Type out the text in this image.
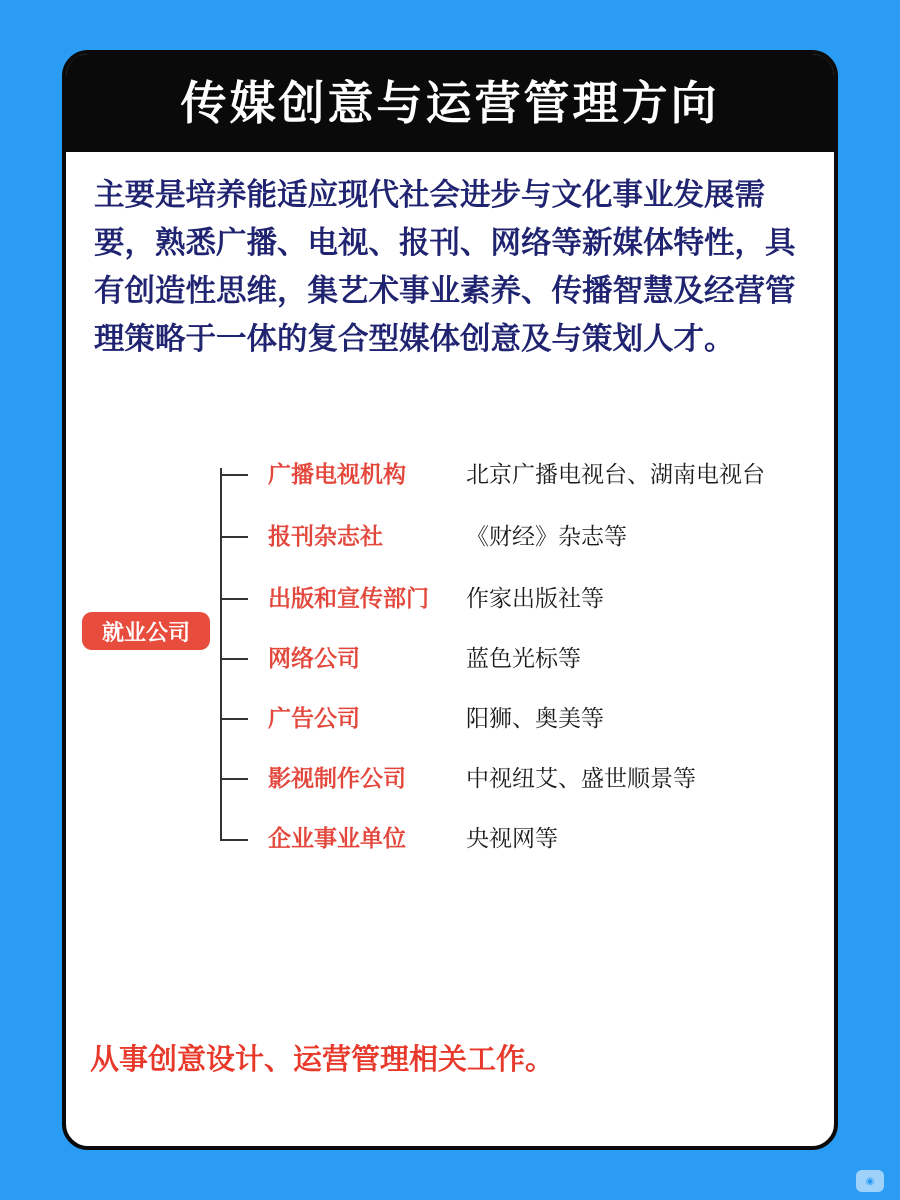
传媒创意与运营管理方向

主要是培养能适应现代社会进步与文化事业发展需要，熟悉广播、电视、报刊、网络等新媒体特性，具有创造性思维，集艺术事业素养、传播智慧及经营管理策略于一体的复合型媒体创意及与策划人才。

就业公司
广播电视机构	北京广播电视台、湖南电视台
报刊杂志社	《财经》杂志等
出版和宣传部门 作家出版社等
网络公司	蓝色光标等
广告公司	阳狮、奥美等
影视制作公司	中视纽艾、盛世顺景等
企业事业单位	央视网等

从事创意设计、运营管理相关工作。

◉
